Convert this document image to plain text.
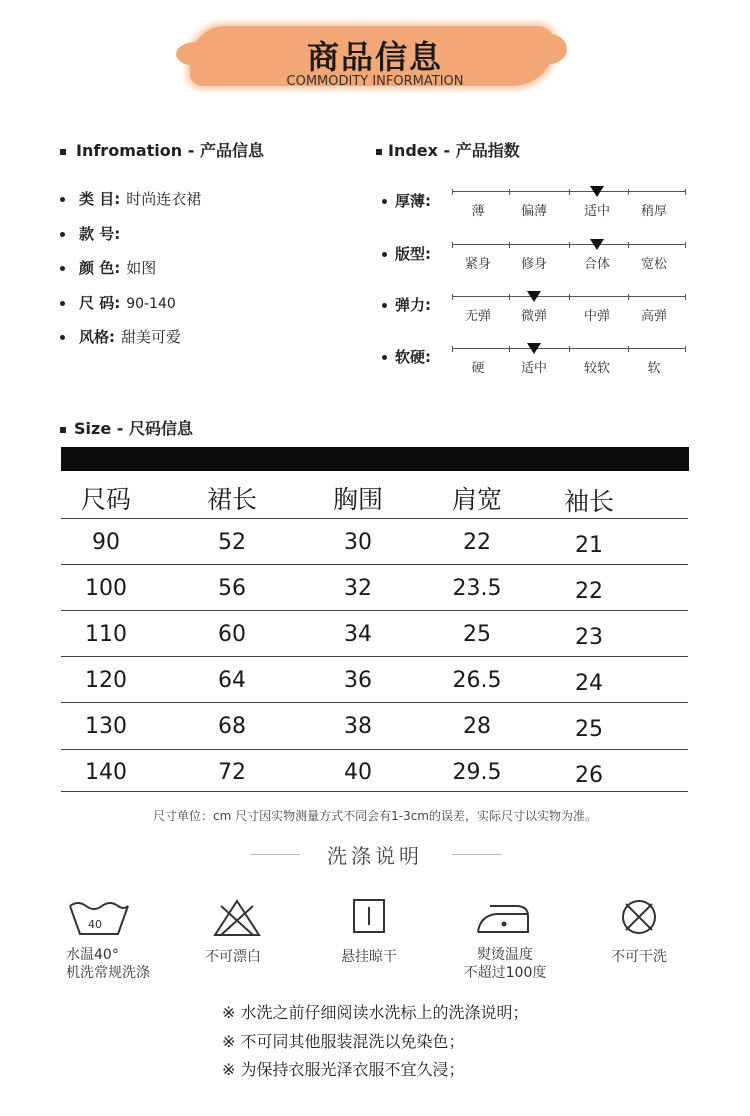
商品信息
COMMODITY INFORMATION
Infromation - 产品信息
类 目: 时尚连衣裙
款 号:
颜 色: 如图
尺 码: 90-140
风格: 甜美可爱
Index - 产品指数
厚薄:
薄	偏薄	适中	稍厚
版型:
紧身	修身	合体	宽松
弹力:
无弹	微弹	中弹	高弹
软硬:
硬	适中	较软	软
Size - 尺码信息
尺码	裙长	胸围	肩宽	袖长
90	52	30	22	21
100	56	32	23.5	22
110	60	34	25	23
120	64	36	26.5	24
130	68	38	28	25
140	72	40	29.5	26
尺寸单位：cm 尺寸因实物测量方式不同会有1-3cm的误差，实际尺寸以实物为准。
洗涤说明
40
水温40°
机洗常规洗涤
不可漂白	悬挂晾干	熨烫温度
不超过100度
不可干洗
※ 水洗之前仔细阅读水洗标上的洗涤说明；
※ 不可同其他服装混洗以免染色；
※ 为保持衣服光泽衣服不宜久浸；
